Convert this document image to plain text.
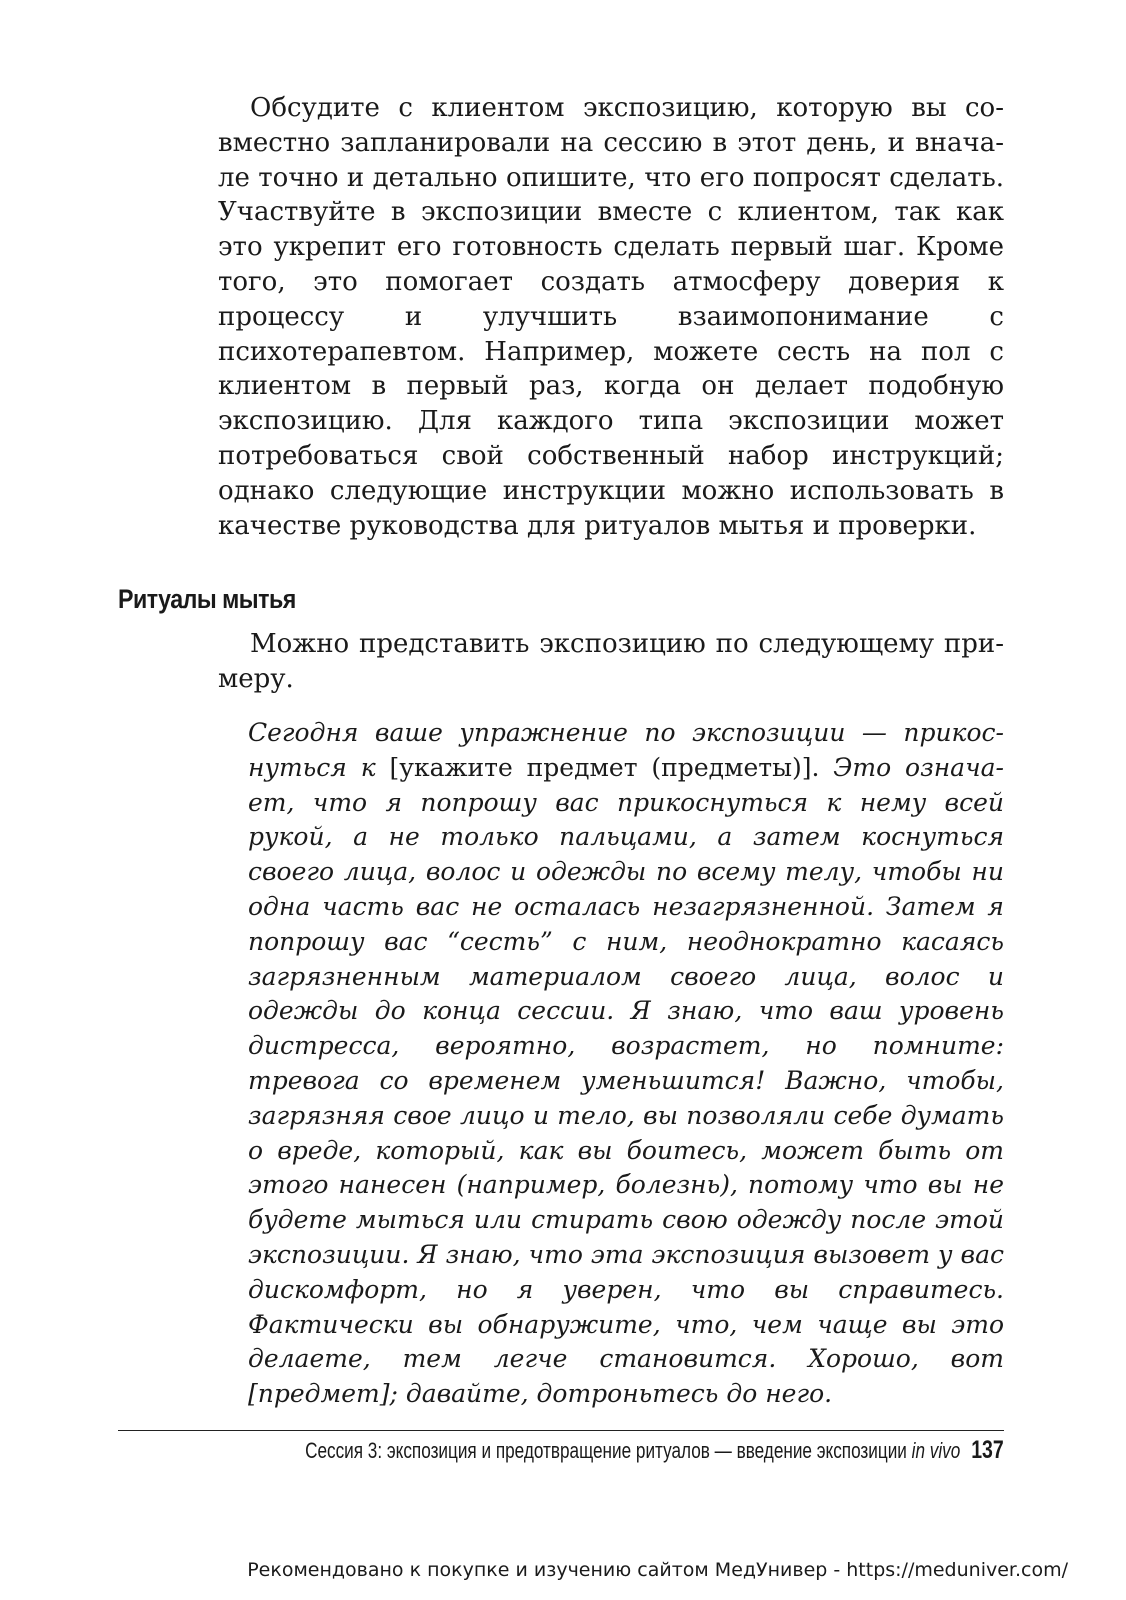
Обсудите с клиентом экспозицию, которую вы совместно запланировали на сессию в этот день, и вначале точно и детально опишите, что его попросят сделать. Участвуйте в экспозиции вместе с клиентом, так как это укрепит его готовность сделать первый шаг. Кроме того, это помогает создать атмосферу доверия к процессу и улучшить взаимопонимание с психотерапевтом. Например, можете сесть на пол с клиентом в первый раз, когда он делает подобную экспозицию. Для каждого типа экспозиции может потребоваться свой собственный набор инструкций; однако следующие инструкции можно использовать в качестве руководства для ритуалов мытья и проверки.

Ритуалы мытья

Можно представить экспозицию по следующему примеру.

Сегодня ваше упражнение по экспозиции — прикоснуться к [укажите предмет (предметы)]. Это означает, что я попрошу вас прикоснуться к нему всей рукой, а не только пальцами, а затем коснуться своего лица, волос и одежды по всему телу, чтобы ни одна часть вас не осталась незагрязненной. Затем я попрошу вас “сесть” с ним, неоднократно касаясь загрязненным материалом своего лица, волос и одежды до конца сессии. Я знаю, что ваш уровень дистресса, вероятно, возрастет, но помните: тревога со временем уменьшится! Важно, чтобы, загрязняя свое лицо и тело, вы позволяли себе думать о вреде, который, как вы боитесь, может быть от этого нанесен (например, болезнь), потому что вы не будете мыться или стирать свою одежду после этой экспозиции. Я знаю, что эта экспозиция вызовет у вас дискомфорт, но я уверен, что вы справитесь. Фактически вы обнаружите, что, чем чаще вы это делаете, тем легче становится. Хорошо, вот [предмет]; давайте, дотроньтесь до него.

Сессия 3: экспозиция и предотвращение ритуалов — введение экспозиции in vivo 137

Рекомендовано к покупке и изучению сайтом МедУнивер - https://meduniver.com/
